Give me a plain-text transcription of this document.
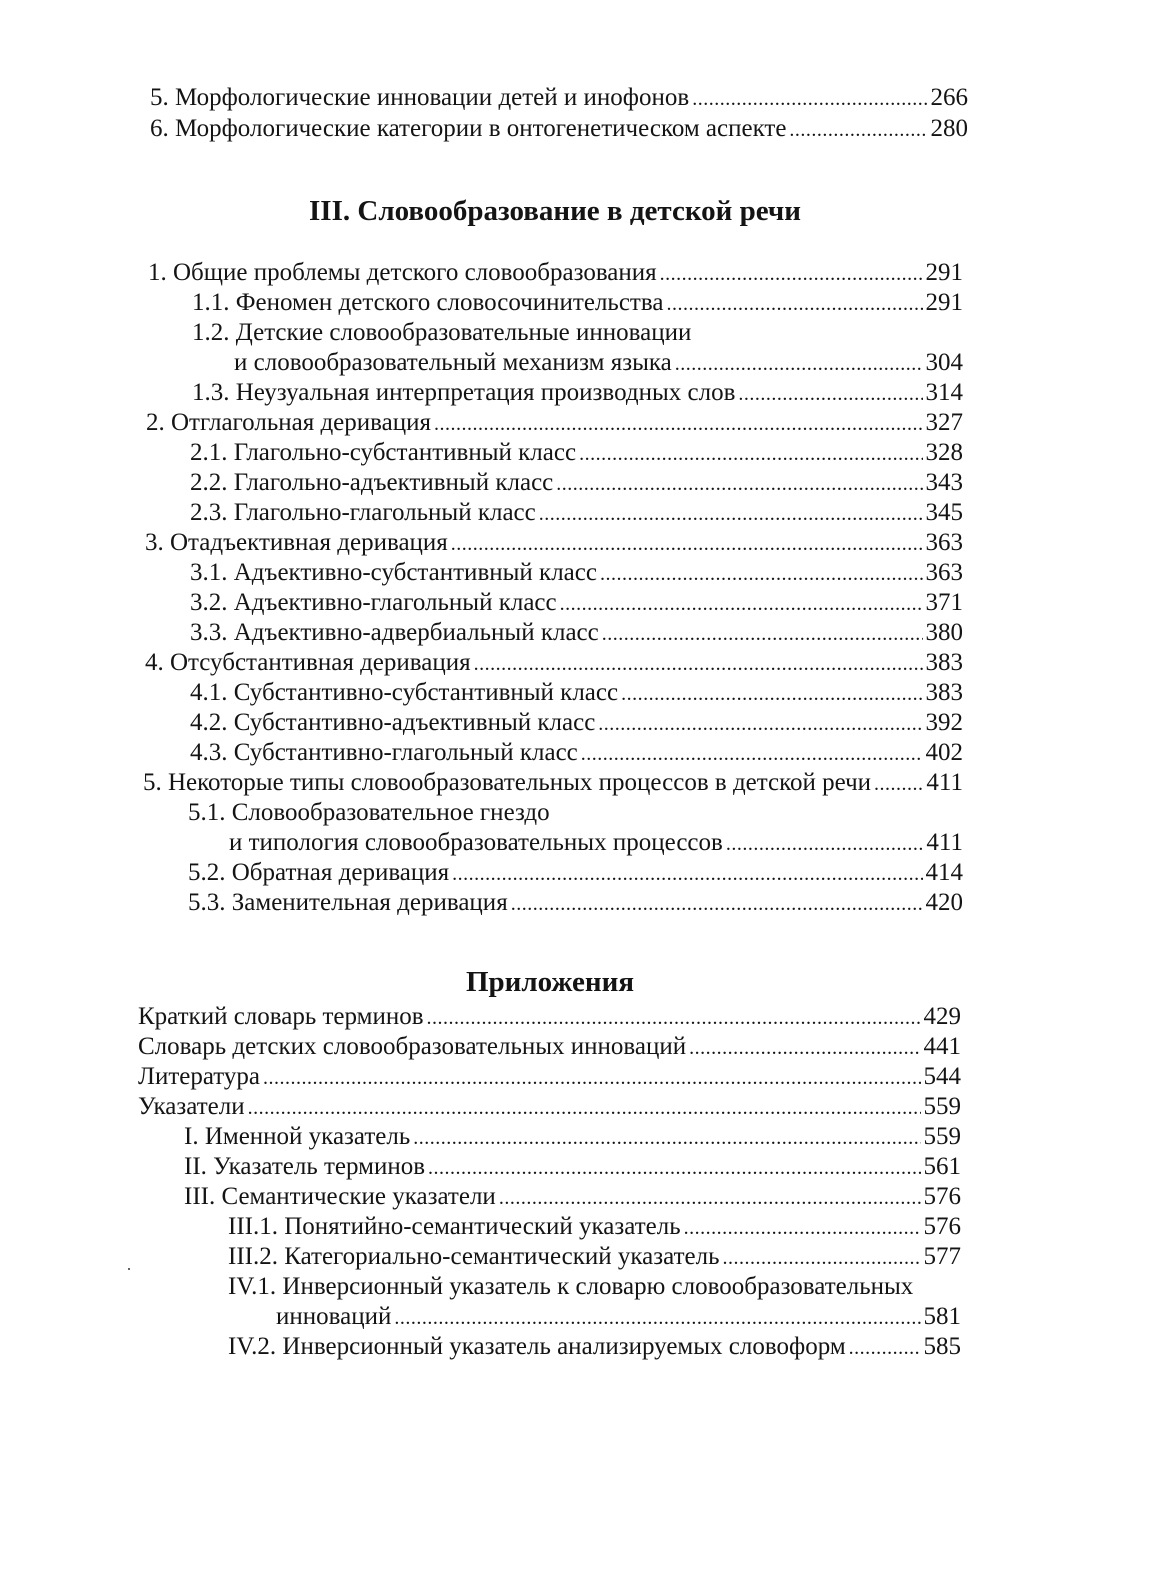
5. Морфологические инновации детей и инофонов .....	266
6. Морфологические категории в онтогенетическом аспекте .....	280
III. Словообразование в детской речи
1. Общие проблемы детского словообразования .....	291
1.1. Феномен детского словосочинительства .....	291
1.2. Детские словообразовательные инновации
и словообразовательный механизм языка .....	304
1.3. Неузуальная интерпретация производных слов .....	314
2. Отглагольная деривация .....	327
2.1. Глагольно-субстантивный класс .....	328
2.2. Глагольно-адъективный класс .....	343
2.3. Глагольно-глагольный класс .....	345
3. Отадъективная деривация .....	363
3.1. Адъективно-субстантивный класс .....	363
3.2. Адъективно-глагольный класс .....	371
3.3. Адъективно-адвербиальный класс .....	380
4. Отсубстантивная деривация .....	383
4.1. Субстантивно-субстантивный класс .....	383
4.2. Субстантивно-адъективный класс .....	392
4.3. Субстантивно-глагольный класс .....	402
5. Некоторые типы словообразовательных процессов в детской речи ..... 411
5.1. Словообразовательное гнездо
и типология словообразовательных процессов .....	411
5.2. Обратная деривация .....	414
5.3. Заменительная деривация .....	420
Приложения
Краткий словарь терминов .....	429
Словарь детских словообразовательных инноваций .....	441
Литература .....	544
Указатели .....	559
I. Именной указатель .....	559
II. Указатель терминов .....	561
III. Семантические указатели .....	576
III.1. Понятийно-семантический указатель .....	576
III.2. Категориально-семантический указатель .....	577
IV.1. Инверсионный указатель к словарю словообразовательных
инноваций .....	581
IV.2. Инверсионный указатель анализируемых словоформ .....	585
